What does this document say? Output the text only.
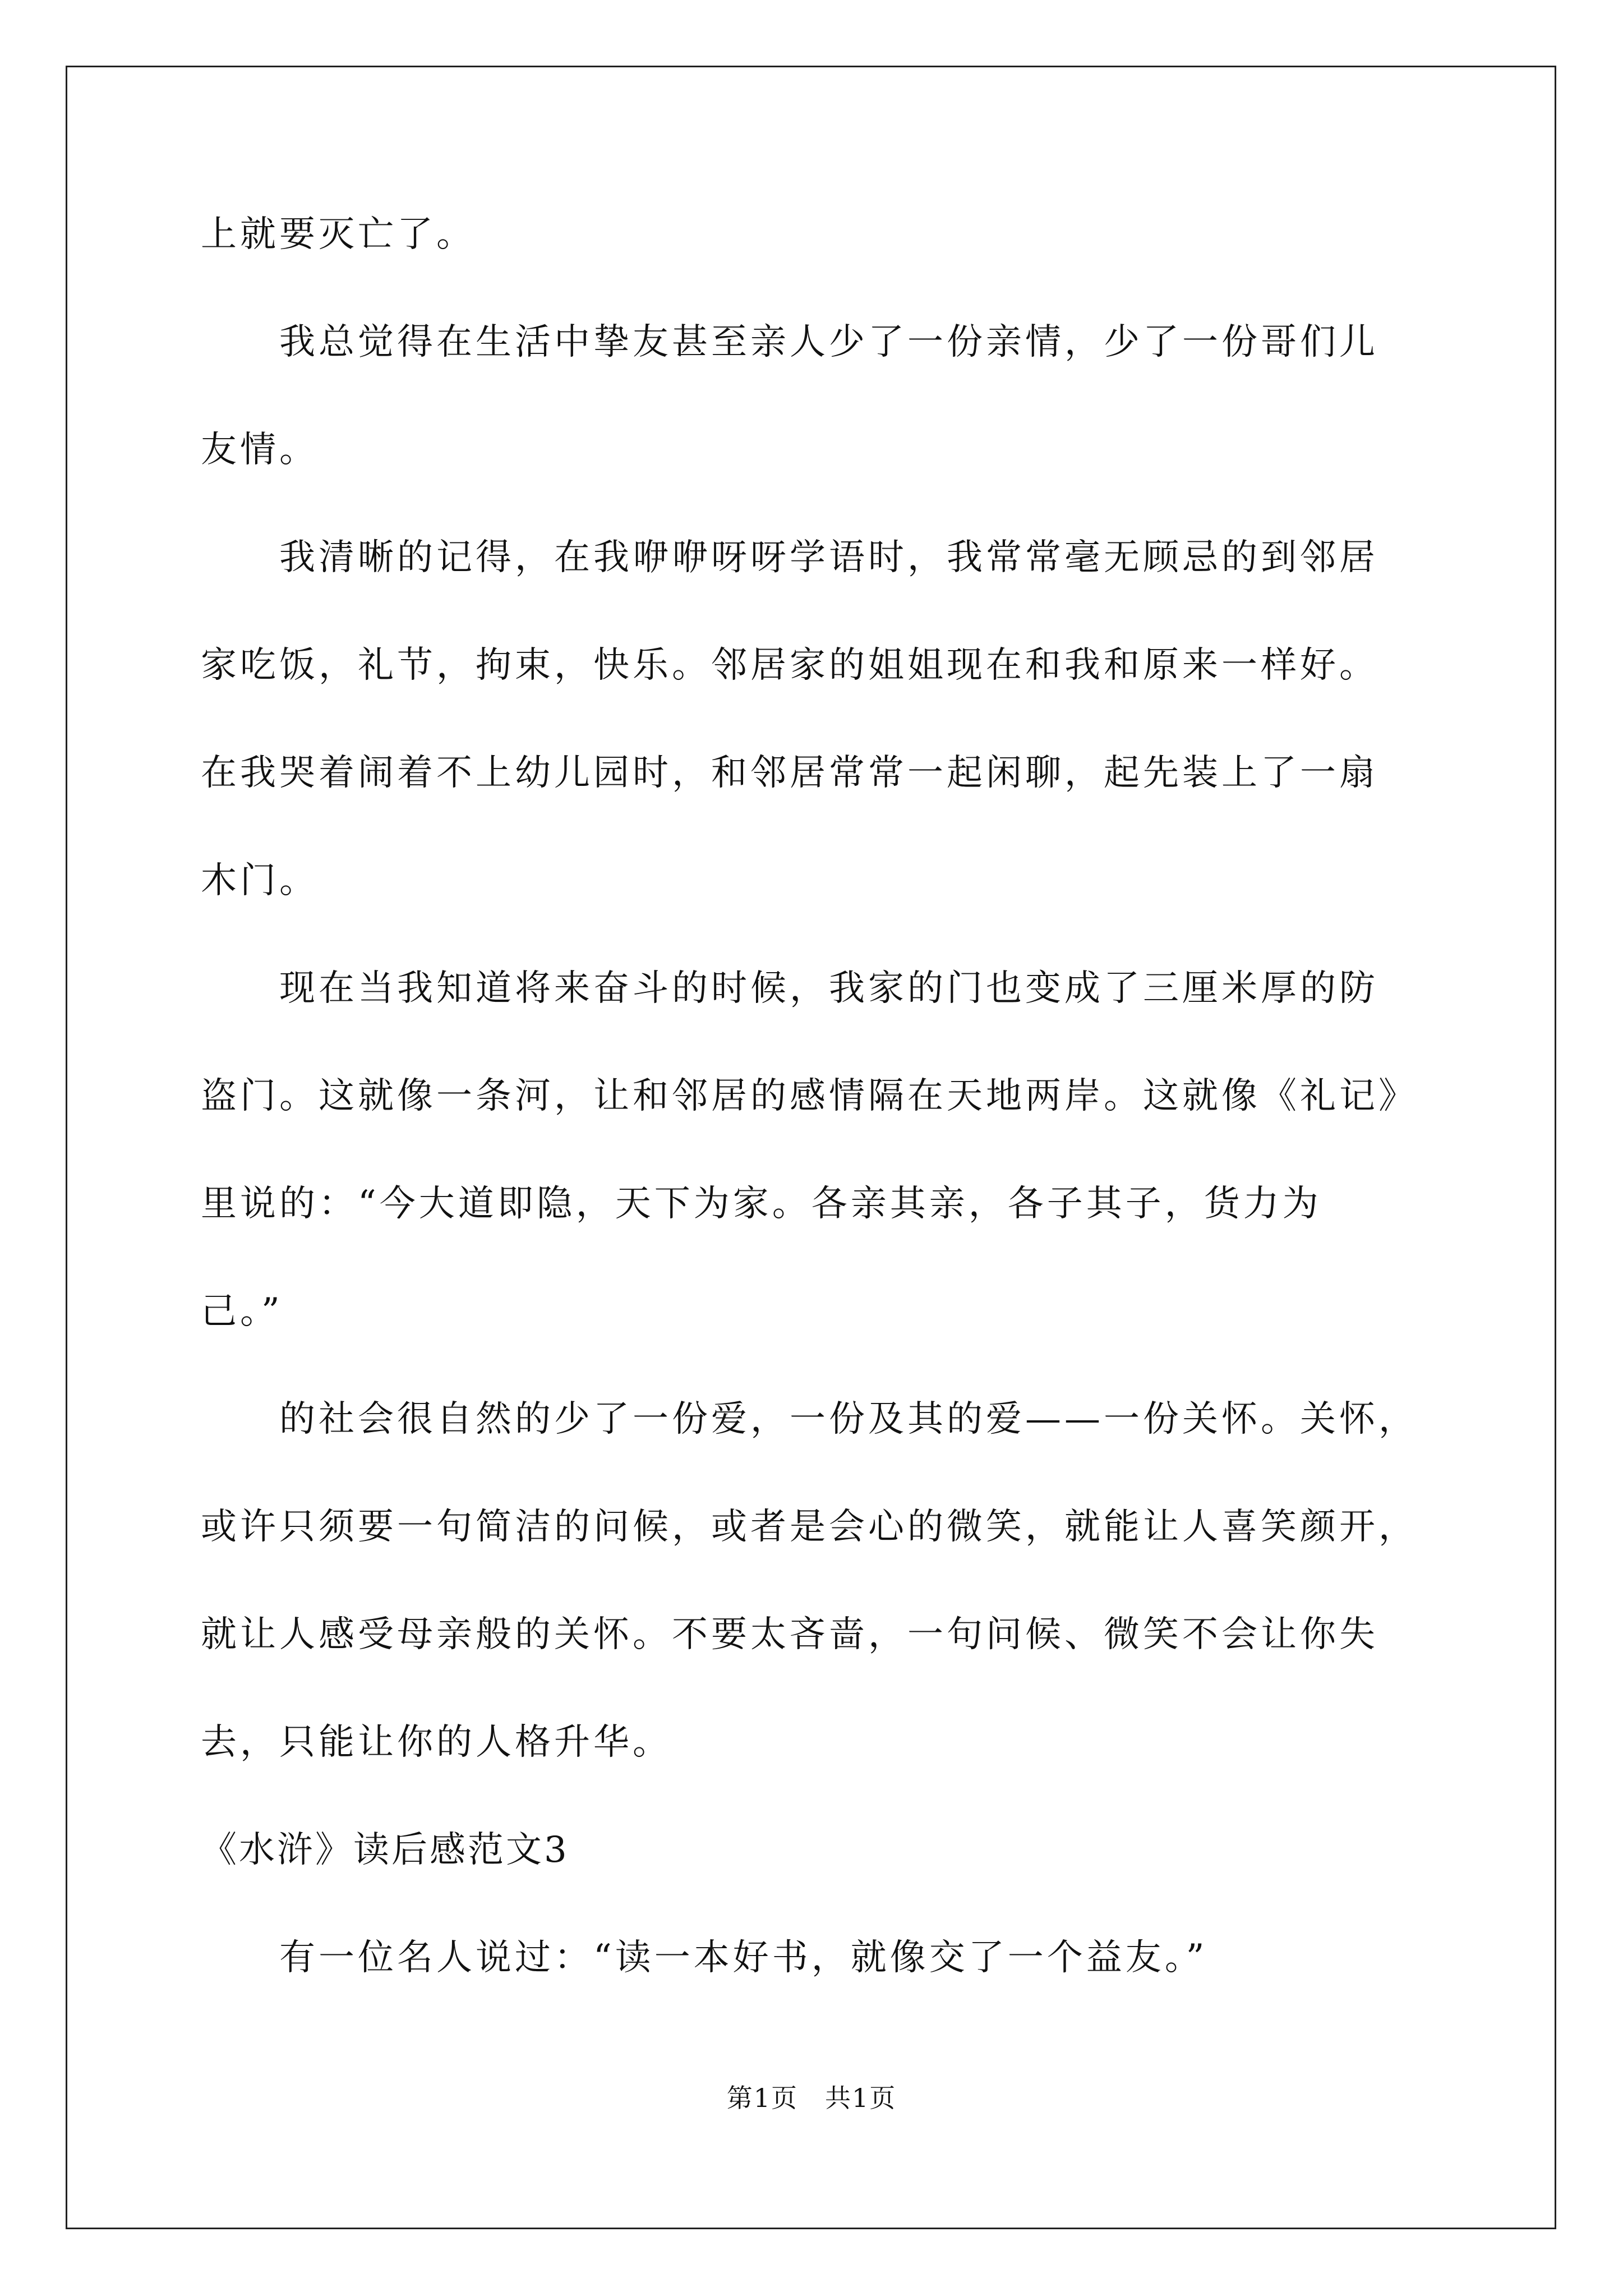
上就要灭亡了。
我总觉得在生活中挚友甚至亲人少了一份亲情，少了一份哥们儿
友情。
我清晰的记得，在我咿咿呀呀学语时，我常常毫无顾忌的到邻居
家吃饭，礼节，拘束，快乐。邻居家的姐姐现在和我和原来一样好。
在我哭着闹着不上幼儿园时，和邻居常常一起闲聊，起先装上了一扇
木门。
现在当我知道将来奋斗的时候，我家的门也变成了三厘米厚的防
盗门。这就像一条河，让和邻居的感情隔在天地两岸。这就像《礼记》
里说的：“今大道即隐，天下为家。各亲其亲，各子其子，货力为
己。”
的社会很自然的少了一份爱，一份及其的爱——一份关怀。关怀，
或许只须要一句简洁的问候，或者是会心的微笑，就能让人喜笑颜开，
就让人感受母亲般的关怀。不要太吝啬，一句问候、微笑不会让你失
去，只能让你的人格升华。
《水浒》读后感范文3
有一位名人说过：“读一本好书，就像交了一个益友。”
第1页　共1页
